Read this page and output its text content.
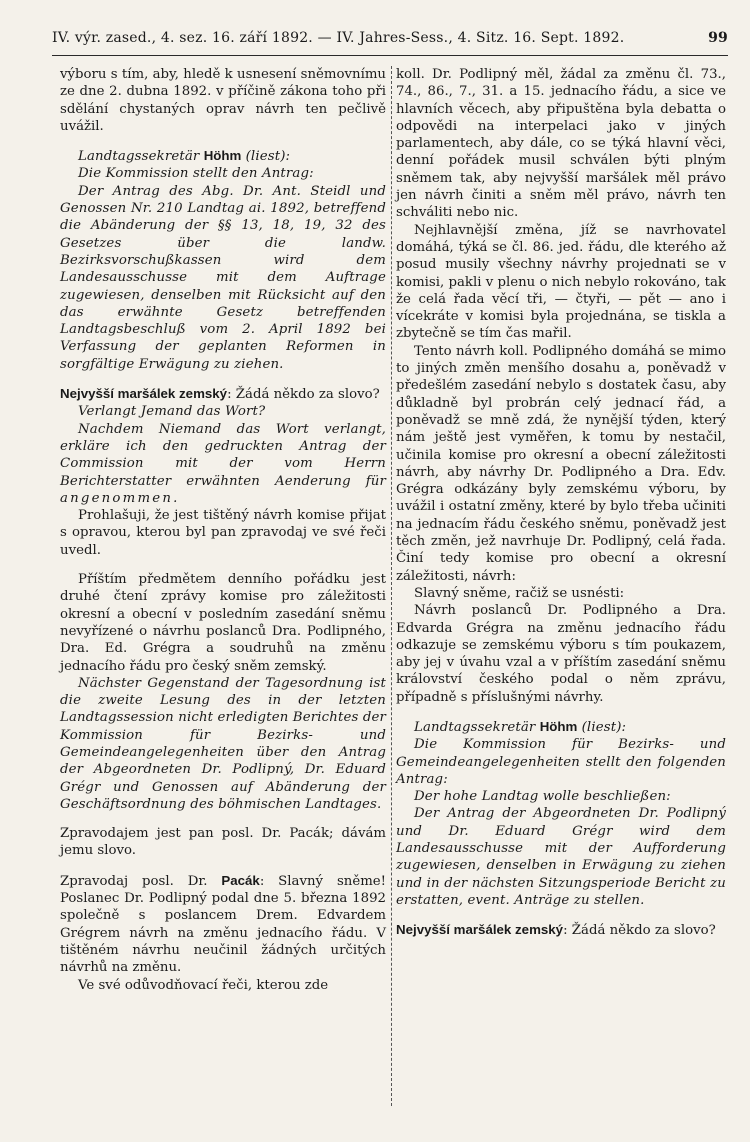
IV. výr. zased., 4. sez. 16. září 1892. — IV. Jahres-Sess., 4. Sitz. 16. Sept. 1892.	99

výboru s tím, aby, hledě k usnesení sněmovnímu ze dne 2. dubna 1892. v příčině zákona toho při sdělání chystaných oprav návrh ten pečlivě uvážil.

Landtagssekretär Höhm (liest):

Die Kommission stellt den Antrag:

Der Antrag des Abg. Dr. Ant. Steidl und Genossen Nr. 210 Landtag ai. 1892, betreffend die Abänderung der §§ 13, 18, 19, 32 des Gesetzes über die landw. Bezirksvorschußkassen wird dem Landesausschusse mit dem Auftrage zugewiesen, denselben mit Rücksicht auf den das erwähnte Gesetz betreffenden Landtagsbeschluß vom 2. April 1892 bei Verfassung der geplanten Reformen in sorgfältige Erwägung zu ziehen.

Nejvyšší maršálek zemský: Žádá někdo za slovo?

Verlangt Jemand das Wort?

Nachdem Niemand das Wort verlangt, erkläre ich den gedruckten Antrag der Commission mit der vom Herrn Berichterstatter erwähnten Aenderung für angenommen.

Prohlašuji, že jest tištěný návrh komise přijat s opravou, kterou byl pan zpravodaj ve své řeči uvedl.

Příštím předmětem denního pořádku jest druhé čtení zprávy komise pro záležitosti okresní a obecní v posledním zasedání sněmu nevyřízené o návrhu poslanců Dra. Podlipného, Dra. Ed. Grégra a soudruhů na změnu jednacího řádu pro český sněm zemský.

Nächster Gegenstand der Tagesordnung ist die zweite Lesung des in der letzten Landtagssession nicht erledigten Berichtes der Kommission für Bezirks- und Gemeindeangelegenheiten über den Antrag der Abgeordneten Dr. Podlipný, Dr. Eduard Grégr und Genossen auf Abänderung der Geschäftsordnung des böhmischen Landtages.

Zpravodajem jest pan posl. Dr. Pacák; dávám jemu slovo.

Zpravodaj posl. Dr. Pacák: Slavný sněme! Poslanec Dr. Podlipný podal dne 5. března 1892 společně s poslancem Drem. Edvardem Grégrem návrh na změnu jednacího řádu. V tištěném návrhu neučinil žádných určitých návrhů na změnu.

Ve své odůvodňovací řeči, kterou zde

koll. Dr. Podlipný měl, žádal za změnu čl. 73., 74., 86., 7., 31. a 15. jednacího řádu, a sice ve hlavních věcech, aby připuštěna byla debatta o odpovědi na interpelaci jako v jiných parlamentech, aby dále, co se týká hlavní věci, denní pořádek musil schválen býti plným sněmem tak, aby nejvyšší maršálek měl právo jen návrh činiti a sněm měl právo, návrh ten schváliti nebo nic.

Nejhlavnější změna, jíž se navrhovatel domáhá, týká se čl. 86. jed. řádu, dle kterého až posud musily všechny návrhy projednati se v komisi, pakli v plenu o nich nebylo rokováno, tak že celá řada věcí tři, — čtyři, — pět — ano i vícekráte v komisi byla projednána, se tiskla a zbytečně se tím čas mařil.

Tento návrh koll. Podlipného domáhá se mimo to jiných změn menšího dosahu a, poněvadž v předešlém zasedání nebylo s dostatek času, aby důkladně byl probrán celý jednací řád, a poněvadž se mně zdá, že nynější týden, který nám ještě jest vyměřen, k tomu by nestačil, učinila komise pro okresní a obecní záležitosti návrh, aby návrhy Dr. Podlipného a Dra. Edv. Grégra odkázány byly zemskému výboru, by uvážil i ostatní změny, které by bylo třeba učiniti na jednacím řádu českého sněmu, poněvadž jest těch změn, jež navrhuje Dr. Podlipný, celá řada. Činí tedy komise pro obecní a okresní záležitosti, návrh:

Slavný sněme, račiž se usnésti:

Návrh poslanců Dr. Podlipného a Dra. Edvarda Grégra na změnu jednacího řádu odkazuje se zemskému výboru s tím poukazem, aby jej v úvahu vzal a v příštím zasedání sněmu království českého podal o něm zprávu, případně s příslušnými návrhy.

Landtagssekretär Höhm (liest):

Die Kommission für Bezirks- und Gemeindeangelegenheiten stellt den folgenden Antrag:

Der hohe Landtag wolle beschließen:

Der Antrag der Abgeordneten Dr. Podlipný und Dr. Eduard Grégr wird dem Landesausschusse mit der Aufforderung zugewiesen, denselben in Erwägung zu ziehen und in der nächsten Sitzungsperiode Bericht zu erstatten, event. Anträge zu stellen.

Nejvyšší maršálek zemský: Žádá někdo za slovo?
